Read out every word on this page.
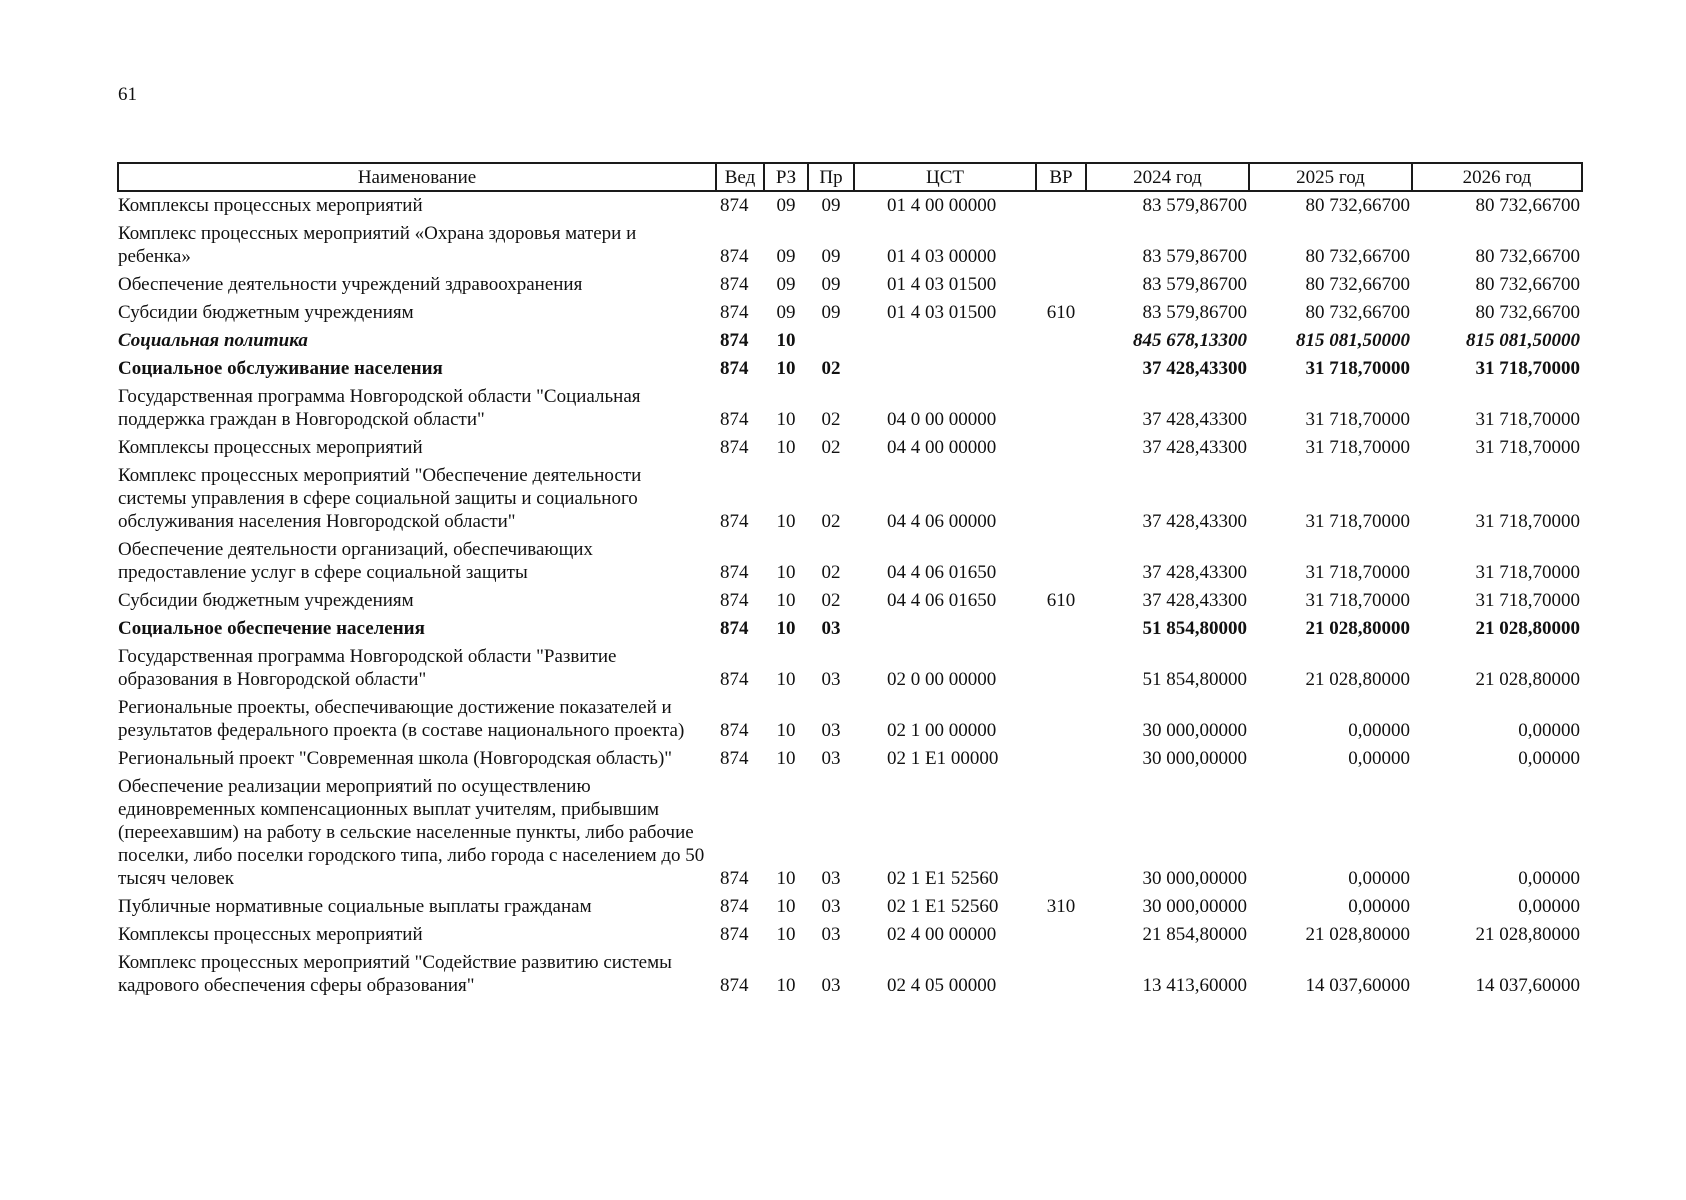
61
Наименование	Вед	РЗ	Пр	ЦСТ	ВР	2024 год	2025 год	2026 год
Комплексы процессных мероприятий	874	09	09	01 4 00 00000		83 579,86700	80 732,66700	80 732,66700
Комплекс процессных мероприятий «Охрана здоровья матери и ребенка»	874	09	09	01 4 03 00000		83 579,86700	80 732,66700	80 732,66700
Обеспечение деятельности учреждений здравоохранения	874	09	09	01 4 03 01500		83 579,86700	80 732,66700	80 732,66700
Субсидии бюджетным учреждениям	874	09	09	01 4 03 01500	610	83 579,86700	80 732,66700	80 732,66700
Социальная политика	874	10				845 678,13300	815 081,50000	815 081,50000
Социальное обслуживание населения	874	10	02			37 428,43300	31 718,70000	31 718,70000
Государственная программа Новгородской области "Социальная поддержка граждан в Новгородской области"	874	10	02	04 0 00 00000		37 428,43300	31 718,70000	31 718,70000
Комплексы процессных мероприятий	874	10	02	04 4 00 00000		37 428,43300	31 718,70000	31 718,70000
Комплекс процессных мероприятий "Обеспечение деятельности системы управления в сфере социальной защиты и социального обслуживания населения Новгородской области"	874	10	02	04 4 06 00000		37 428,43300	31 718,70000	31 718,70000
Обеспечение деятельности организаций, обеспечивающих предоставление услуг в сфере социальной защиты	874	10	02	04 4 06 01650		37 428,43300	31 718,70000	31 718,70000
Субсидии бюджетным учреждениям	874	10	02	04 4 06 01650	610	37 428,43300	31 718,70000	31 718,70000
Социальное обеспечение населения	874	10	03			51 854,80000	21 028,80000	21 028,80000
Государственная программа Новгородской области "Развитие образования в Новгородской области"	874	10	03	02 0 00 00000		51 854,80000	21 028,80000	21 028,80000
Региональные проекты, обеспечивающие достижение показателей и результатов федерального проекта (в составе национального проекта)	874	10	03	02 1 00 00000		30 000,00000	0,00000	0,00000
Региональный проект "Современная школа (Новгородская область)"	874	10	03	02 1 E1 00000		30 000,00000	0,00000	0,00000
Обеспечение реализации мероприятий по осуществлению единовременных компенсационных выплат учителям, прибывшим (переехавшим) на работу в сельские населенные пункты, либо рабочие поселки, либо поселки городского типа, либо города с населением до 50 тысяч человек	874	10	03	02 1 E1 52560		30 000,00000	0,00000	0,00000
Публичные нормативные социальные выплаты гражданам	874	10	03	02 1 E1 52560	310	30 000,00000	0,00000	0,00000
Комплексы процессных мероприятий	874	10	03	02 4 00 00000		21 854,80000	21 028,80000	21 028,80000
Комплекс процессных мероприятий "Содействие развитию системы кадрового обеспечения сферы образования"	874	10	03	02 4 05 00000		13 413,60000	14 037,60000	14 037,60000
